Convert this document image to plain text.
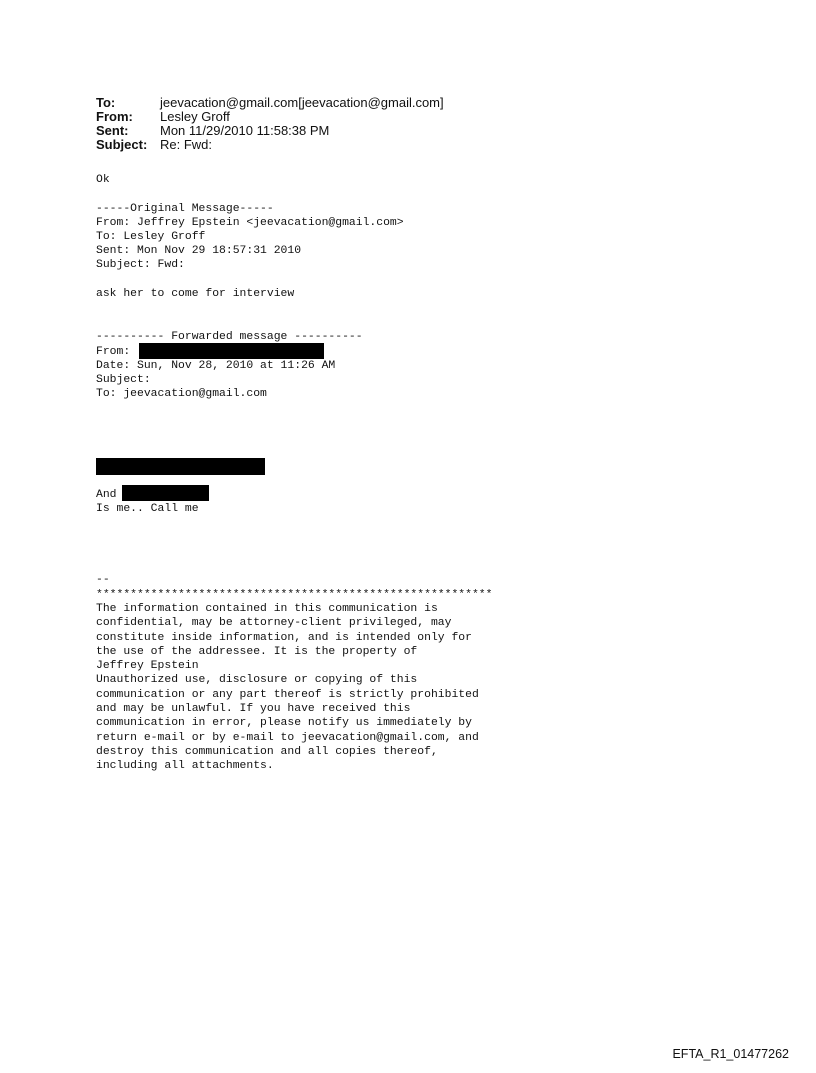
To:	jeevacation@gmail.com[jeevacation@gmail.com]
From:	Lesley Groff
Sent:	Mon 11/29/2010 11:58:38 PM
Subject: Re: Fwd:
Ok
-----Original Message-----
From: Jeffrey Epstein <jeevacation@gmail.com>
To: Lesley Groff
Sent: Mon Nov 29 18:57:31 2010
Subject: Fwd:
ask her to come for interview
---------- Forwarded message ----------
From:
Date: Sun, Nov 28, 2010 at 11:26 AM
Subject:
To: jeevacation@gmail.com
And
Is me.. Call me
--
**********************************************************
The information contained in this communication is
confidential, may be attorney-client privileged, may
constitute inside information, and is intended only for
the use of the addressee. It is the property of
Jeffrey Epstein
Unauthorized use, disclosure or copying of this
communication or any part thereof is strictly prohibited
and may be unlawful. If you have received this
communication in error, please notify us immediately by
return e-mail or by e-mail to jeevacation@gmail.com, and
destroy this communication and all copies thereof,
including all attachments.
EFTA_R1_01477262
